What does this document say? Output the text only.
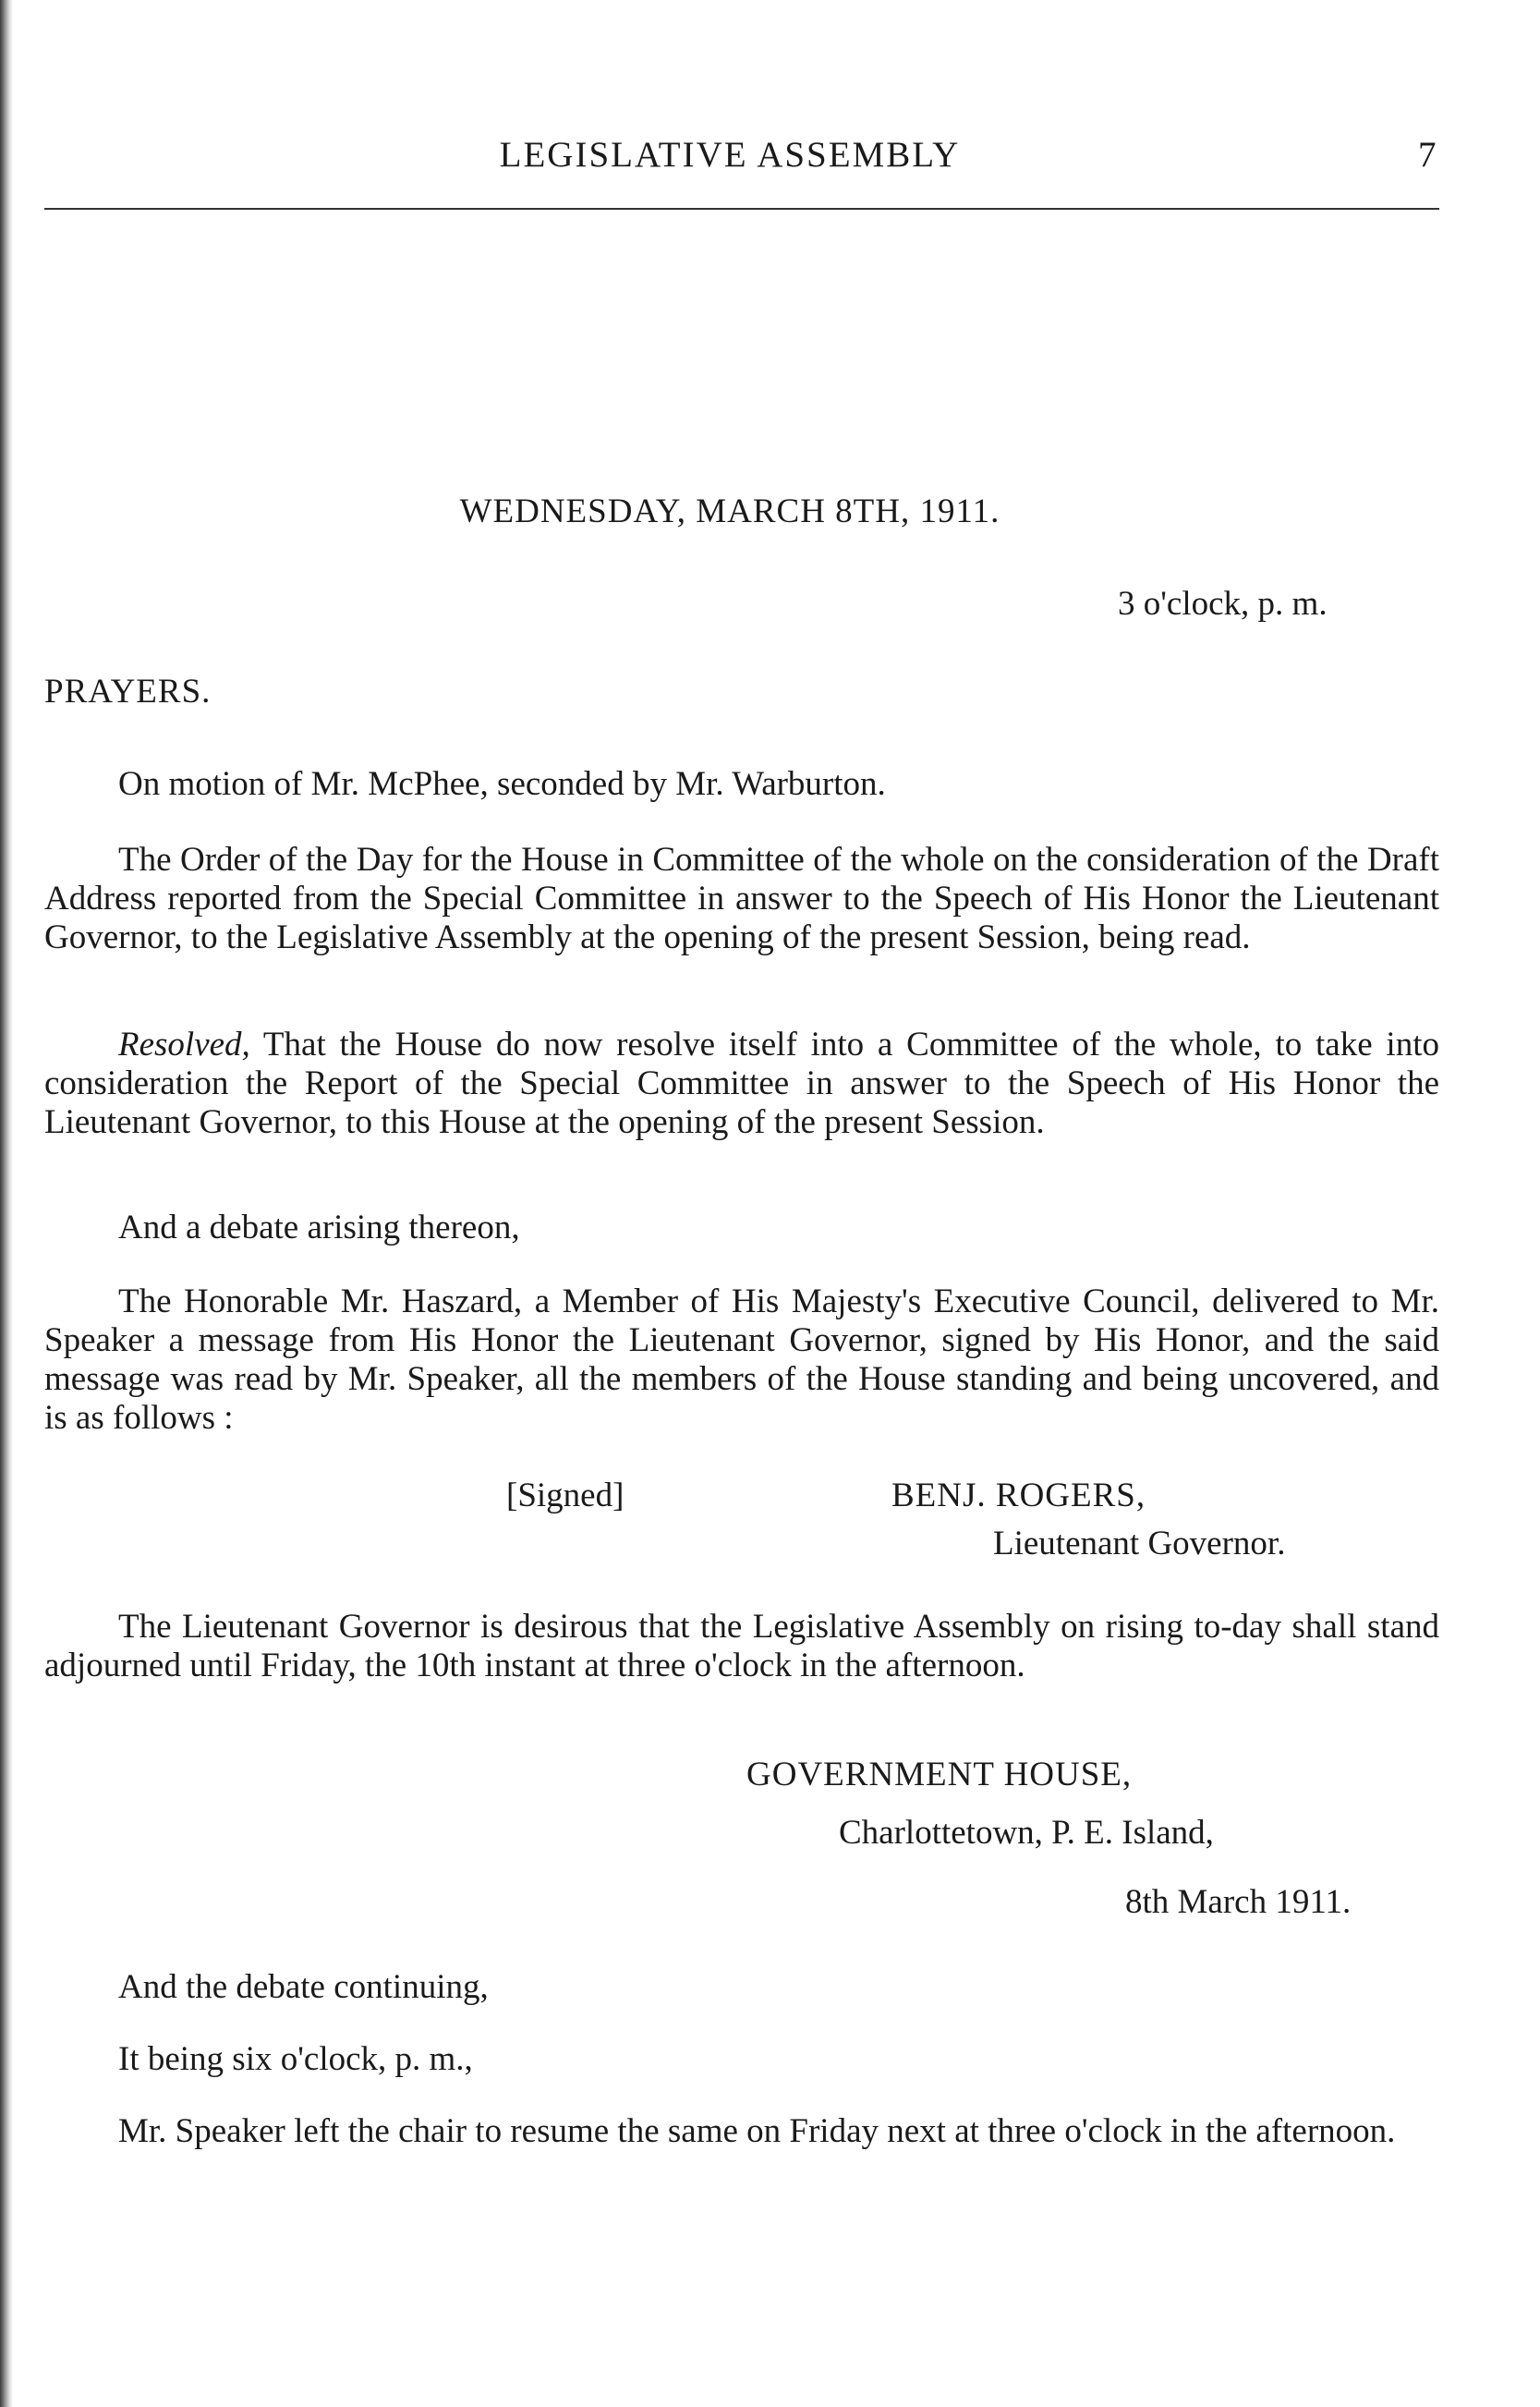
LEGISLATIVE ASSEMBLY	7

WEDNESDAY, MARCH 8TH, 1911.

3 o'clock, p. m.

PRAYERS.

On motion of Mr. McPhee, seconded by Mr. Warburton.

The Order of the Day for the House in Committee of the whole on the consideration of the Draft Address reported from the Special Committee in answer to the Speech of His Honor the Lieutenant Governor, to the Legislative Assembly at the opening of the present Session, being read.

Resolved, That the House do now resolve itself into a Committee of the whole, to take into consideration the Report of the Special Committee in answer to the Speech of His Honor the Lieutenant Governor, to this House at the opening of the present Session.

And a debate arising thereon,

The Honorable Mr. Haszard, a Member of His Majesty's Executive Council, delivered to Mr. Speaker a message from His Honor the Lieutenant Governor, signed by His Honor, and the said message was read by Mr. Speaker, all the members of the House standing and being uncovered, and is as follows :

[Signed]	BENJ. ROGERS,

Lieutenant Governor.

The Lieutenant Governor is desirous that the Legislative Assembly on rising to-day shall stand adjourned until Friday, the 10th instant at three o'clock in the afternoon.

GOVERNMENT HOUSE,

Charlottetown, P. E. Island,

8th March 1911.

And the debate continuing,

It being six o'clock, p. m.,

Mr. Speaker left the chair to resume the same on Friday next at three o'clock in the afternoon.
